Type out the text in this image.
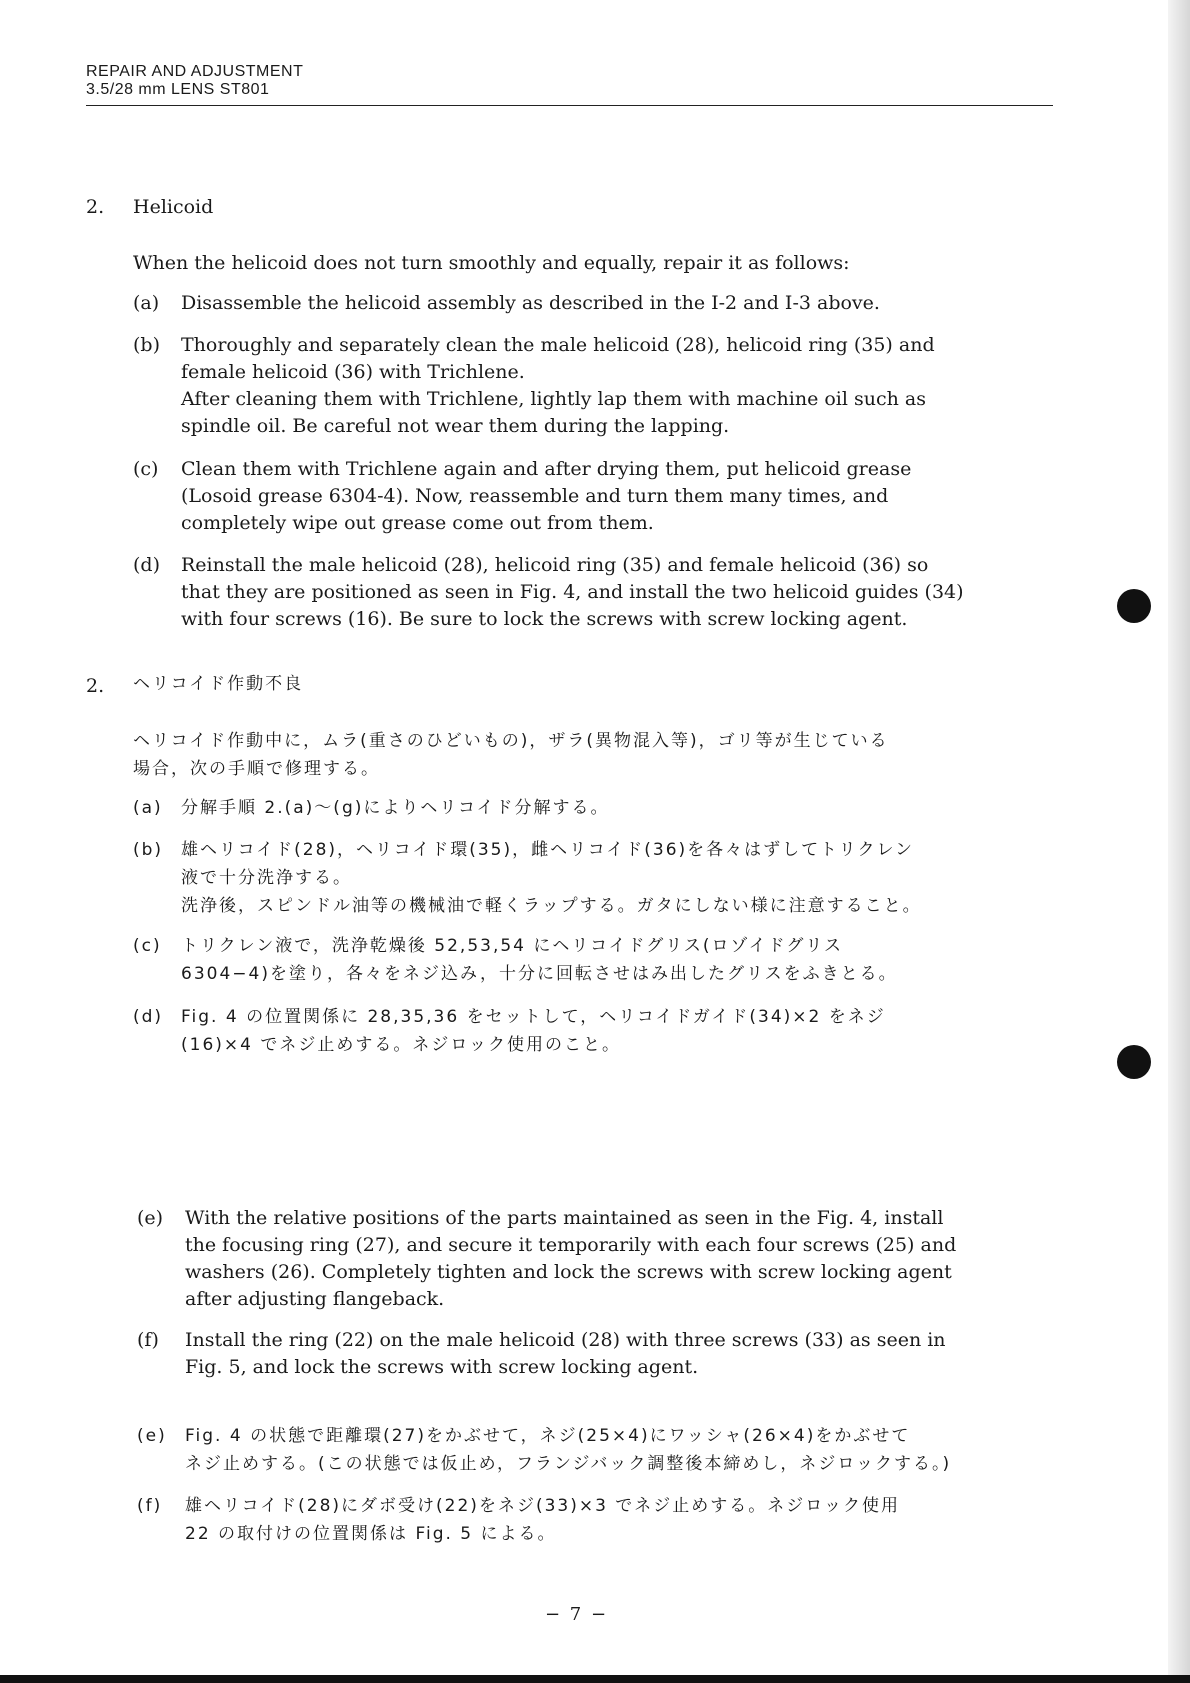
REPAIR AND ADJUSTMENT
3.5/28 mm LENS ST801
2. Helicoid
When the helicoid does not turn smoothly and equally, repair it as follows:
(a) Disassemble the helicoid assembly as described in the I-2 and I-3 above.
(b) Thoroughly and separately clean the male helicoid (28), helicoid ring (35) and
female helicoid (36) with Trichlene.
After cleaning them with Trichlene, lightly lap them with machine oil such as
spindle oil. Be careful not wear them during the lapping.
(c) Clean them with Trichlene again and after drying them, put helicoid grease
(Losoid grease 6304-4). Now, reassemble and turn them many times, and
completely wipe out grease come out from them.
(d) Reinstall the male helicoid (28), helicoid ring (35) and female helicoid (36) so
that they are positioned as seen in Fig. 4, and install the two helicoid guides (34)
with four screws (16). Be sure to lock the screws with screw locking agent.
2. ヘリコイド作動不良
ヘリコイド作動中に，ムラ(重さのひどいもの)，ザラ(異物混入等)，ゴリ等が生じている
場合，次の手順で修理する。
(a) 分解手順 2.(a)〜(g)によりヘリコイド分解する。
(b) 雄ヘリコイド(28)，ヘリコイド環(35)，雌ヘリコイド(36)を各々はずしてトリクレン
液で十分洗浄する。
洗浄後，スピンドル油等の機械油で軽くラップする。ガタにしない様に注意すること。
(c) トリクレン液で，洗浄乾燥後 52,53,54 にヘリコイドグリス(ロゾイドグリス
6304−4)を塗り，各々をネジ込み，十分に回転させはみ出したグリスをふきとる。
(d) Fig. 4 の位置関係に 28,35,36 をセットして，ヘリコイドガイド(34)×2 をネジ
(16)×4 でネジ止めする。ネジロック使用のこと。
(e) With the relative positions of the parts maintained as seen in the Fig. 4, install
the focusing ring (27), and secure it temporarily with each four screws (25) and
washers (26). Completely tighten and lock the screws with screw locking agent
after adjusting flangeback.
(f) Install the ring (22) on the male helicoid (28) with three screws (33) as seen in
Fig. 5, and lock the screws with screw locking agent.
(e) Fig. 4 の状態で距離環(27)をかぶせて，ネジ(25×4)にワッシャ(26×4)をかぶせて
ネジ止めする。(この状態では仮止め，フランジバック調整後本締めし，ネジロックする。)
(f) 雄ヘリコイド(28)にダボ受け(22)をネジ(33)×3 でネジ止めする。ネジロック使用
22 の取付けの位置関係は Fig. 5 による。
− 7 −
